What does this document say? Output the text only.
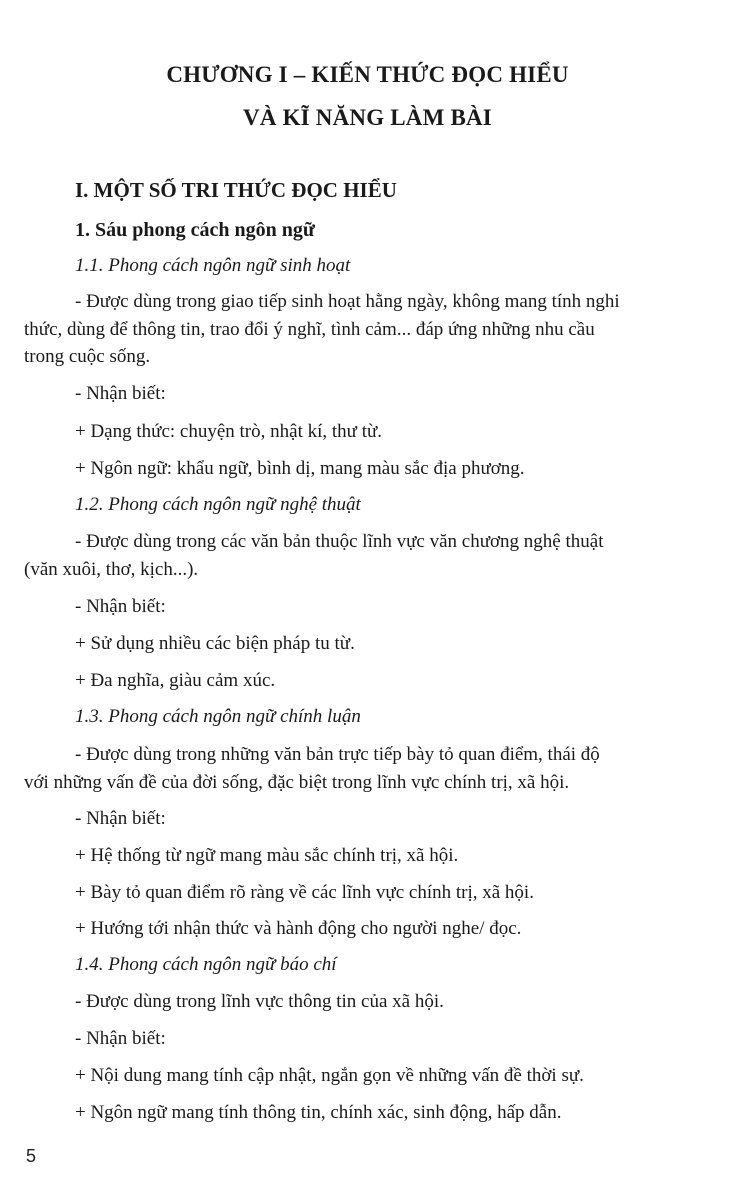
CHƯƠNG I – KIẾN THỨC ĐỌC HIỂU
VÀ KĨ NĂNG LÀM BÀI
I. MỘT SỐ TRI THỨC ĐỌC HIỂU
1. Sáu phong cách ngôn ngữ
1.1. Phong cách ngôn ngữ sinh hoạt
- Được dùng trong giao tiếp sinh hoạt hằng ngày, không mang tính nghi
thức, dùng để thông tin, trao đổi ý nghĩ, tình cảm... đáp ứng những nhu cầu
trong cuộc sống.
- Nhận biết:
+ Dạng thức: chuyện trò, nhật kí, thư từ.
+ Ngôn ngữ: khẩu ngữ, bình dị, mang màu sắc địa phương.
1.2. Phong cách ngôn ngữ nghệ thuật
- Được dùng trong các văn bản thuộc lĩnh vực văn chương nghệ thuật
(văn xuôi, thơ, kịch...).
- Nhận biết:
+ Sử dụng nhiều các biện pháp tu từ.
+ Đa nghĩa, giàu cảm xúc.
1.3. Phong cách ngôn ngữ chính luận
- Được dùng trong những văn bản trực tiếp bày tỏ quan điểm, thái độ
với những vấn đề của đời sống, đặc biệt trong lĩnh vực chính trị, xã hội.
- Nhận biết:
+ Hệ thống từ ngữ mang màu sắc chính trị, xã hội.
+ Bày tỏ quan điểm rõ ràng về các lĩnh vực chính trị, xã hội.
+ Hướng tới nhận thức và hành động cho người nghe/ đọc.
1.4. Phong cách ngôn ngữ báo chí
- Được dùng trong lĩnh vực thông tin của xã hội.
- Nhận biết:
+ Nội dung mang tính cập nhật, ngắn gọn về những vấn đề thời sự.
+ Ngôn ngữ mang tính thông tin, chính xác, sinh động, hấp dẫn.
5
